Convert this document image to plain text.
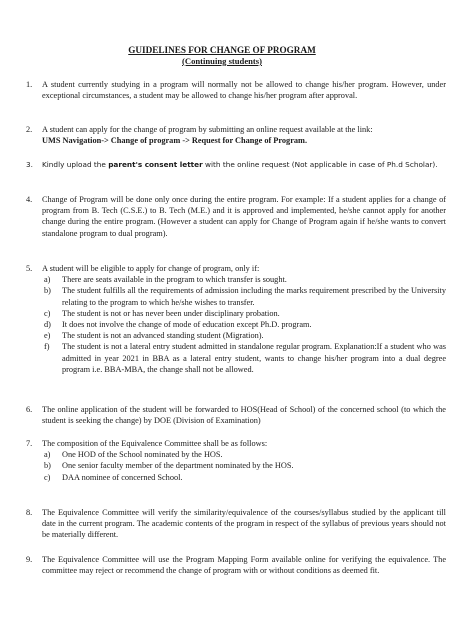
GUIDELINES FOR CHANGE OF PROGRAM
(Continuing students)
1.	A student currently studying in a program will normally not be allowed to change his/her program. However, under exceptional circumstances, a student may be allowed to change his/her program after approval.
2.	A student can apply for the change of program by submitting an online request available at the link:
UMS Navigation-> Change of program -> Request for Change of Program.
3.	Kindly upload the parent's consent letter with the online request (Not applicable in case of Ph.d Scholar).
4.	Change of Program will be done only once during the entire program. For example: If a student applies for a change of program from B. Tech (C.S.E.) to B. Tech (M.E.) and it is approved and implemented, he/she cannot apply for another change during the entire program. (However a student can apply for Change of Program again if he/she wants to convert standalone program to dual program).
5.	A student will be eligible to apply for change of program, only if:
a) There are seats available in the program to which transfer is sought.
b) The student fulfills all the requirements of admission including the marks requirement prescribed by the University relating to the program to which he/she wishes to transfer.
c) The student is not or has never been under disciplinary probation.
d) It does not involve the change of mode of education except Ph.D. program.
e) The student is not an advanced standing student (Migration).
f) The student is not a lateral entry student admitted in standalone regular program. Explanation:If a student who was admitted in year 2021 in BBA as a lateral entry student, wants to change his/her program into a dual degree program i.e. BBA-MBA, the change shall not be allowed.
6.	The online application of the student will be forwarded to HOS(Head of School) of the concerned school (to which the student is seeking the change) by DOE (Division of Examination)
7.	The composition of the Equivalence Committee shall be as follows:
a) One HOD of the School nominated by the HOS.
b) One senior faculty member of the department nominated by the HOS.
c) DAA nominee of concerned School.
8.	The Equivalence Committee will verify the similarity/equivalence of the courses/syllabus studied by the applicant till date in the current program. The academic contents of the program in respect of the syllabus of previous years should not be materially different.
9.	The Equivalence Committee will use the Program Mapping Form available online for verifying the equivalence. The committee may reject or recommend the change of program with or without conditions as deemed fit.
